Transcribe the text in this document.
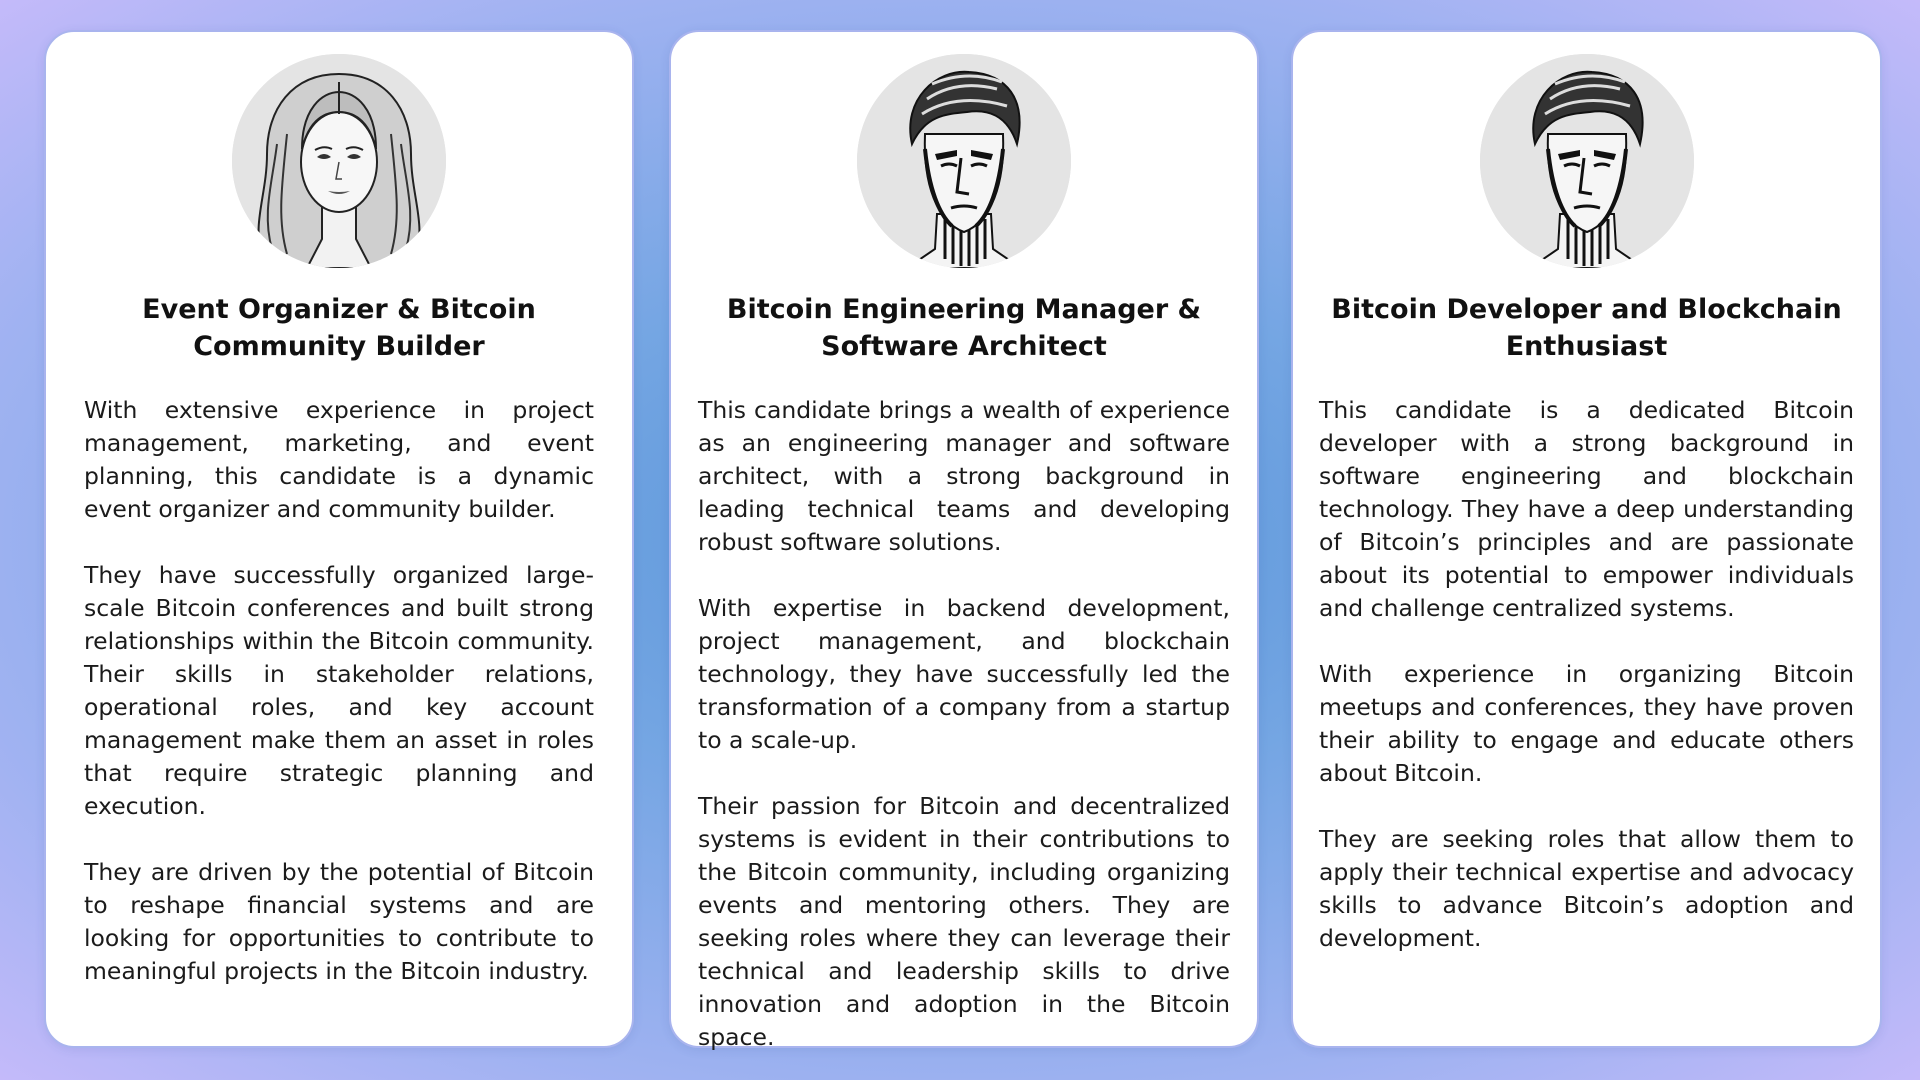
Event Organizer & Bitcoin
Community Builder

With extensive experience in project management, marketing, and event planning, this candidate is a dynamic event organizer and community builder.

They have successfully organized large-scale Bitcoin conferences and built strong relationships within the Bitcoin community. Their skills in stakeholder relations, operational roles, and key account management make them an asset in roles that require strategic planning and execution.

They are driven by the potential of Bitcoin to reshape financial systems and are looking for opportunities to contribute to meaningful projects in the Bitcoin industry.

Bitcoin Engineering Manager &
Software Architect

This candidate brings a wealth of experience as an engineering manager and software architect, with a strong background in leading technical teams and developing robust software solutions.

With expertise in backend development, project management, and blockchain technology, they have successfully led the transformation of a company from a startup to a scale-up.

Their passion for Bitcoin and decentralized systems is evident in their contributions to the Bitcoin community, including organizing events and mentoring others. They are seeking roles where they can leverage their technical and leadership skills to drive innovation and adoption in the Bitcoin space.

Bitcoin Developer and Blockchain
Enthusiast

This candidate is a dedicated Bitcoin developer with a strong background in software engineering and blockchain technology. They have a deep understanding of Bitcoin’s principles and are passionate about its potential to empower individuals and challenge centralized systems.

With experience in organizing Bitcoin meetups and conferences, they have proven their ability to engage and educate others about Bitcoin.

They are seeking roles that allow them to apply their technical expertise and advocacy skills to advance Bitcoin’s adoption and development.
